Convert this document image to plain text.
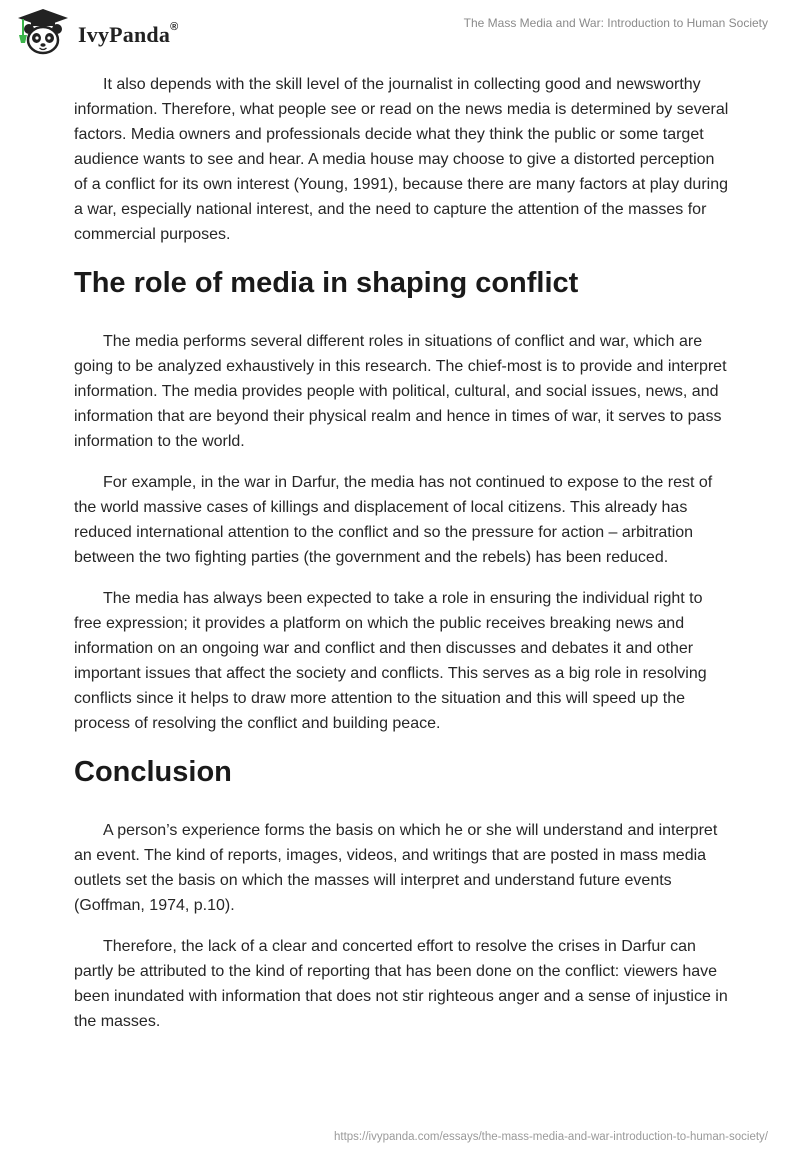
IvyPanda®	The Mass Media and War: Introduction to Human Society

It also depends with the skill level of the journalist in collecting good and newsworthy information. Therefore, what people see or read on the news media is determined by several factors. Media owners and professionals decide what they think the public or some target audience wants to see and hear. A media house may choose to give a distorted perception of a conflict for its own interest (Young, 1991), because there are many factors at play during a war, especially national interest, and the need to capture the attention of the masses for commercial purposes.

The role of media in shaping conflict

The media performs several different roles in situations of conflict and war, which are going to be analyzed exhaustively in this research. The chief-most is to provide and interpret information. The media provides people with political, cultural, and social issues, news, and information that are beyond their physical realm and hence in times of war, it serves to pass information to the world.

For example, in the war in Darfur, the media has not continued to expose to the rest of the world massive cases of killings and displacement of local citizens. This already has reduced international attention to the conflict and so the pressure for action – arbitration between the two fighting parties (the government and the rebels) has been reduced.

The media has always been expected to take a role in ensuring the individual right to free expression; it provides a platform on which the public receives breaking news and information on an ongoing war and conflict and then discusses and debates it and other important issues that affect the society and conflicts. This serves as a big role in resolving conflicts since it helps to draw more attention to the situation and this will speed up the process of resolving the conflict and building peace.

Conclusion

A person’s experience forms the basis on which he or she will understand and interpret an event. The kind of reports, images, videos, and writings that are posted in mass media outlets set the basis on which the masses will interpret and understand future events (Goffman, 1974, p.10).

Therefore, the lack of a clear and concerted effort to resolve the crises in Darfur can partly be attributed to the kind of reporting that has been done on the conflict: viewers have been inundated with information that does not stir righteous anger and a sense of injustice in the masses.

https://ivypanda.com/essays/the-mass-media-and-war-introduction-to-human-society/
